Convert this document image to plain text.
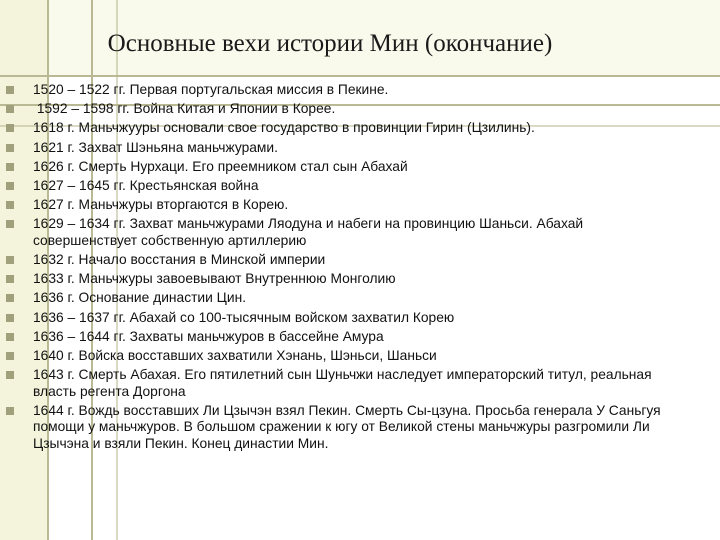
Основные вехи истории Мин (окончание)
1520 – 1522 гг. Первая португальская миссия в Пекине.
1592 – 1598 гг. Война Китая и Японии в Корее.
1618 г. Маньчжууры основали свое государство в провинции Гирин (Цзилинь).
1621 г. Захват Шэньяна маньчжурами.
1626 г. Смерть Нурхаци. Его преемником стал сын Абахай
1627 – 1645 гг. Крестьянская война
1627 г. Маньчжуры вторгаются в Корею.
1629 – 1634 гг. Захват маньчжурами Ляодуна и набеги на провинцию Шаньси. Абахай совершенствует собственную артиллерию
1632 г. Начало восстания в Минской империи
1633 г. Маньчжуры завоевывают Внутреннюю Монголию
1636 г. Основание династии Цин.
1636 – 1637 гг. Абахай со 100-тысячным войском захватил Корею
1636 – 1644 гг. Захваты маньчжуров в бассейне Амура
1640 г. Войска восставших захватили Хэнань, Шэньси, Шаньси
1643 г. Смерть Абахая. Его пятилетний сын Шуньчжи наследует императорский титул, реальная власть регента Доргона
1644 г. Вождь восставших Ли Цзычэн взял Пекин. Смерть Сы-цзуна. Просьба генерала У Саньгуя помощи у маньчжуров. В большом сражении к югу от Великой стены маньчжуры разгромили Ли Цзычэна и взяли Пекин. Конец династии Мин.
